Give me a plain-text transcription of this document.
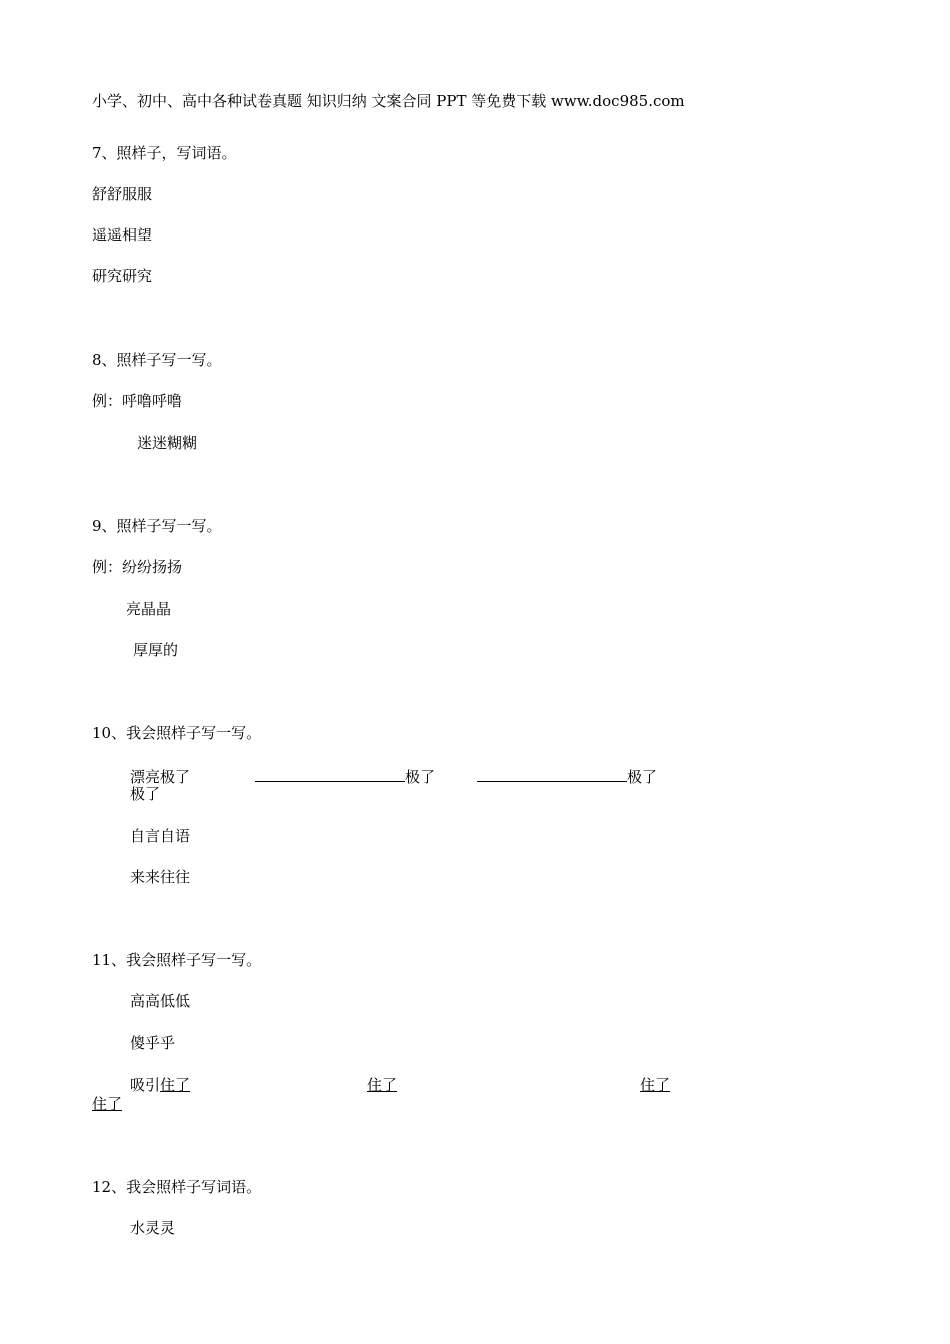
小学、初中、高中各种试卷真题 知识归纳 文案合同 PPT 等免费下载 www.doc985.com
7、照样子，写词语。
舒舒服服
遥遥相望
研究研究
8、照样子写一写。
例：呼噜呼噜
迷迷糊糊
9、照样子写一写。
例：纷纷扬扬
亮晶晶
厚厚的
10、我会照样子写一写。
漂亮极了	极了	极了
极了
自言自语
来来往往
11、我会照样子写一写。
高高低低
傻乎乎
吸引住了	住了	住了
住了
12、我会照样子写词语。
水灵灵
